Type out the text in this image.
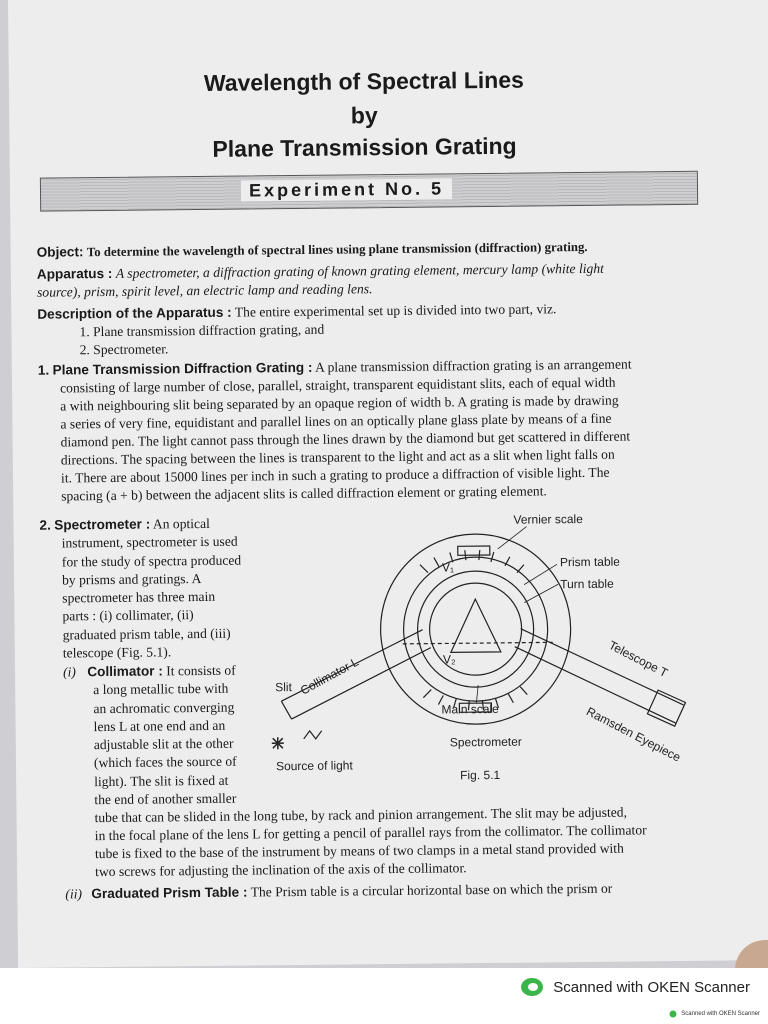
Wavelength of Spectral Lines
by
Plane Transmission Grating
Experiment No. 5
Object: To determine the wavelength of spectral lines using plane transmission (diffraction) grating.
Apparatus : A spectrometer, a diffraction grating of known grating element, mercury lamp (white light
source), prism, spirit level, an electric lamp and reading lens.
Description of the Apparatus : The entire experimental set up is divided into two part, viz.
1. Plane transmission diffraction grating, and
2. Spectrometer.
1. Plane Transmission Diffraction Grating : A plane transmission diffraction grating is an arrangement
consisting of large number of close, parallel, straight, transparent equidistant slits, each of equal width
a with neighbouring slit being separated by an opaque region of width b. A grating is made by drawing
a series of very fine, equidistant and parallel lines on an optically plane glass plate by means of a fine
diamond pen. The light cannot pass through the lines drawn by the diamond but get scattered in different
directions. The spacing between the lines is transparent to the light and act as a slit when light falls on
it. There are about 15000 lines per inch in such a grating to produce a diffraction of visible light. The
spacing (a + b) between the adjacent slits is called diffraction element or grating element.
2. Spectrometer : An optical
instrument, spectrometer is used
for the study of spectra produced
by prisms and gratings. A
spectrometer has three main
parts : (i) collimater, (ii)
graduated prism table, and (iii)
telescope (Fig. 5.1).
(i) Collimator : It consists of
a long metallic tube with
an achromatic converging
lens L at one end and an
adjustable slit at the other
(which faces the source of
light). The slit is fixed at
the end of another smaller
tube that can be slided in the long tube, by rack and pinion arrangement. The slit may be adjusted,
in the focal plane of the lens L for getting a pencil of parallel rays from the collimator. The collimator
tube is fixed to the base of the instrument by means of two clamps in a metal stand provided with
two screws for adjusting the inclination of the axis of the collimator.
(ii) Graduated Prism Table : The Prism table is a circular horizontal base on which the prism or
Vernier scale
Prism table
Turn table
V₁
V₂
Collimator L
Slit
Telescope T
Main scale	Ramsden Eyepiece
Spectrometer
Source of light
Fig. 5.1
Scanned with OKEN Scanner
Scanned with OKEN Scanner
